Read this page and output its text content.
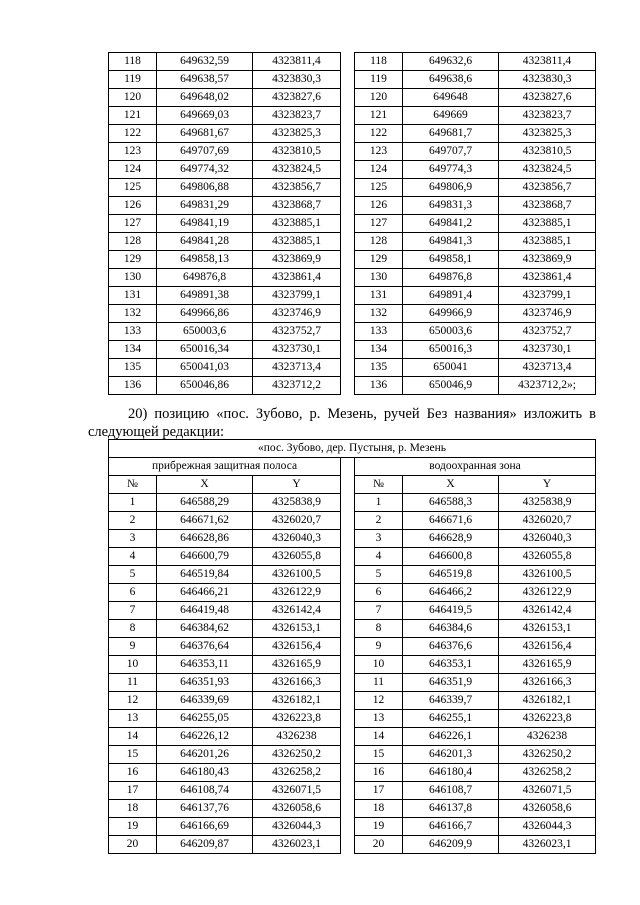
118	649632,59	4323811,4		118	649632,6	4323811,4
119	649638,57	4323830,3		119	649638,6	4323830,3
120	649648,02	4323827,6		120	649648	4323827,6
121	649669,03	4323823,7		121	649669	4323823,7
122	649681,67	4323825,3		122	649681,7	4323825,3
123	649707,69	4323810,5		123	649707,7	4323810,5
124	649774,32	4323824,5		124	649774,3	4323824,5
125	649806,88	4323856,7		125	649806,9	4323856,7
126	649831,29	4323868,7		126	649831,3	4323868,7
127	649841,19	4323885,1		127	649841,2	4323885,1
128	649841,28	4323885,1		128	649841,3	4323885,1
129	649858,13	4323869,9		129	649858,1	4323869,9
130	649876,8	4323861,4		130	649876,8	4323861,4
131	649891,38	4323799,1		131	649891,4	4323799,1
132	649966,86	4323746,9		132	649966,9	4323746,9
133	650003,6	4323752,7		133	650003,6	4323752,7
134	650016,34	4323730,1		134	650016,3	4323730,1
135	650041,03	4323713,4		135	650041	4323713,4
136	650046,86	4323712,2		136	650046,9	4323712,2»;
20) позицию «пос. Зубово, р. Мезень, ручей Без названия» изложить в
следующей редакции:
«пос. Зубово, дер. Пустыня, р. Мезень						
прибрежная защитная полоса				водоохранная зона		
№	X	Y		№	X	Y
1	646588,29	4325838,9		1	646588,3	4325838,9
2	646671,62	4326020,7		2	646671,6	4326020,7
3	646628,86	4326040,3		3	646628,9	4326040,3
4	646600,79	4326055,8		4	646600,8	4326055,8
5	646519,84	4326100,5		5	646519,8	4326100,5
6	646466,21	4326122,9		6	646466,2	4326122,9
7	646419,48	4326142,4		7	646419,5	4326142,4
8	646384,62	4326153,1		8	646384,6	4326153,1
9	646376,64	4326156,4		9	646376,6	4326156,4
10	646353,11	4326165,9		10	646353,1	4326165,9
11	646351,93	4326166,3		11	646351,9	4326166,3
12	646339,69	4326182,1		12	646339,7	4326182,1
13	646255,05	4326223,8		13	646255,1	4326223,8
14	646226,12	4326238		14	646226,1	4326238
15	646201,26	4326250,2		15	646201,3	4326250,2
16	646180,43	4326258,2		16	646180,4	4326258,2
17	646108,74	4326071,5		17	646108,7	4326071,5
18	646137,76	4326058,6		18	646137,8	4326058,6
19	646166,69	4326044,3		19	646166,7	4326044,3
20	646209,87	4326023,1		20	646209,9	4326023,1
